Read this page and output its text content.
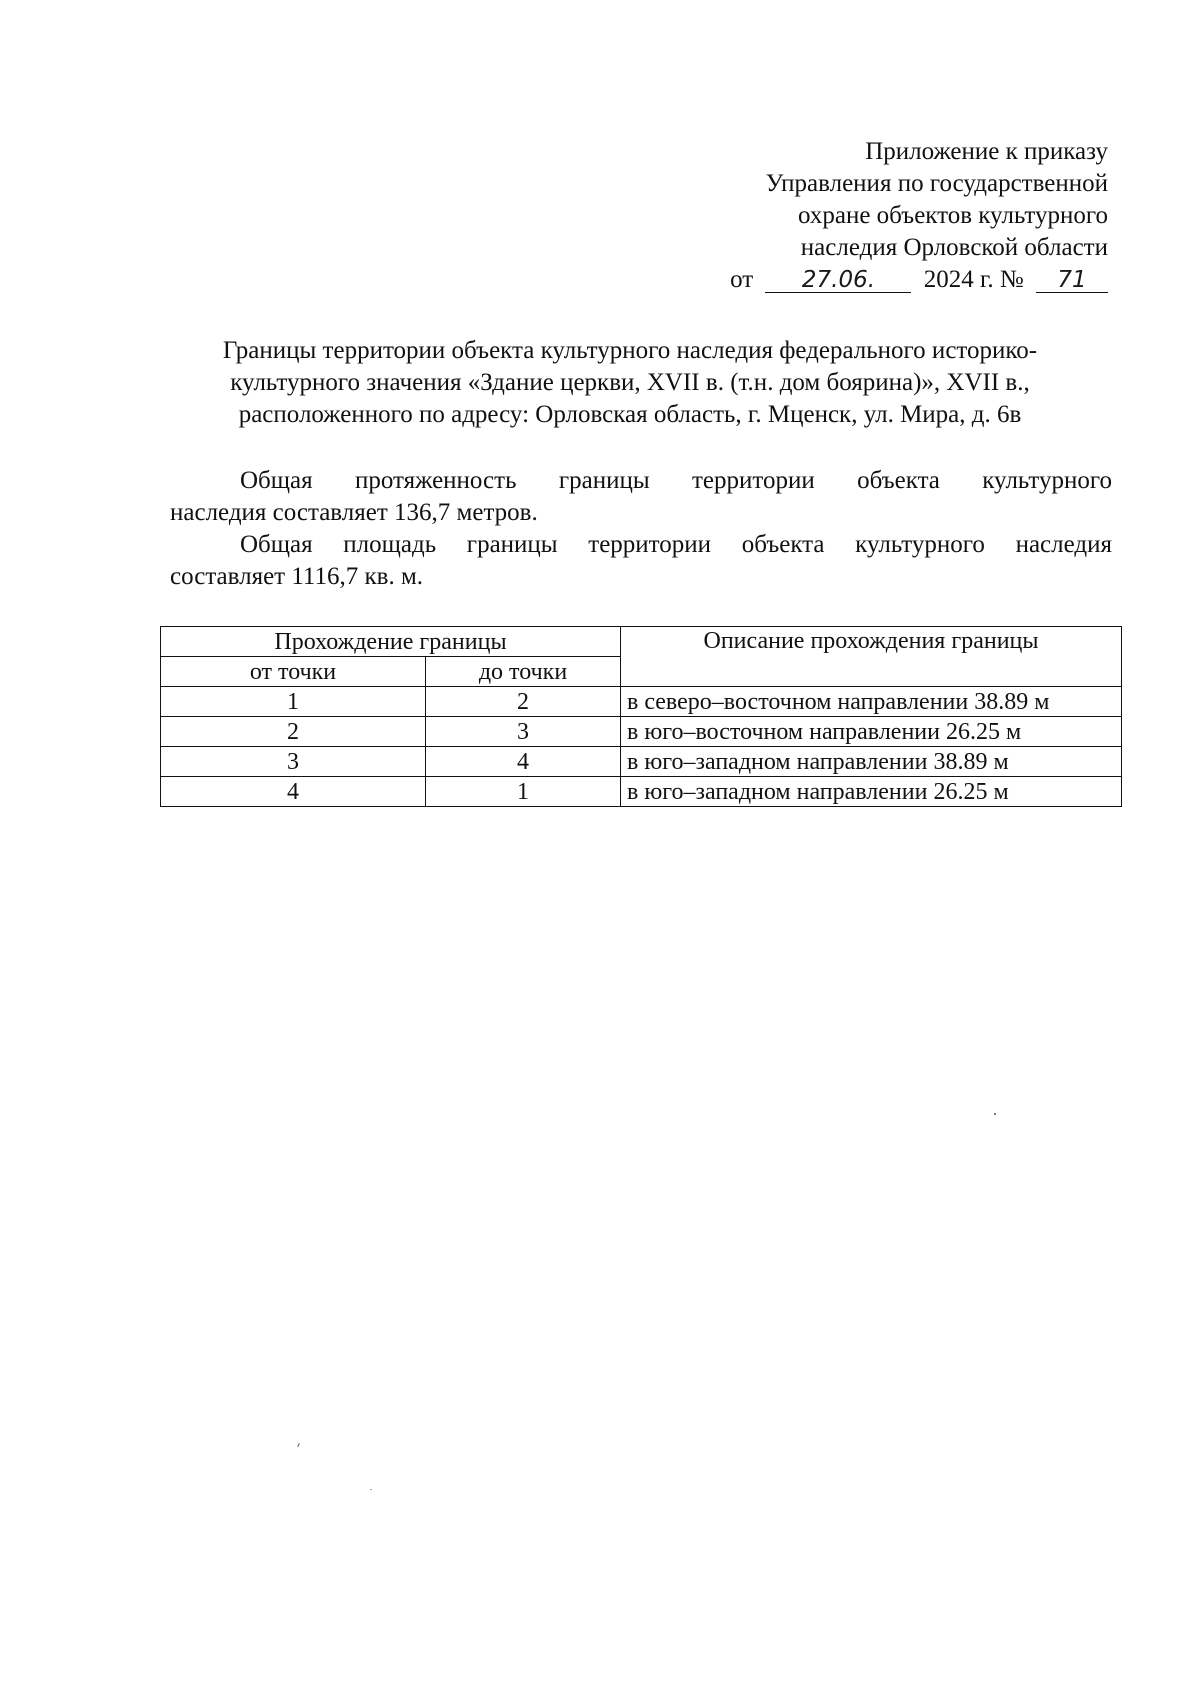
Приложение к приказу
Управления по государственной
охране объектов культурного
наследия Орловской области
от 27.06. 2024 г. № 71
Границы территории объекта культурного наследия федерального историко-
культурного значения «Здание церкви, XVII в. (т.н. дом боярина)», XVII в.,
расположенного по адресу: Орловская область, г. Мценск, ул. Мира, д. 6в
Общая протяженность границы территории объекта культурного
наследия составляет 136,7 метров.
Общая площадь границы территории объекта культурного наследия
составляет 1116,7 кв. м.
Прохождение границы		Описание прохождения границы
от точки	до точки	
1	2	в северо–восточном направлении 38.89 м
2	3	в юго–восточном направлении 26.25 м
3	4	в юго–западном направлении 38.89 м
4	1	в юго–западном направлении 26.25 м
